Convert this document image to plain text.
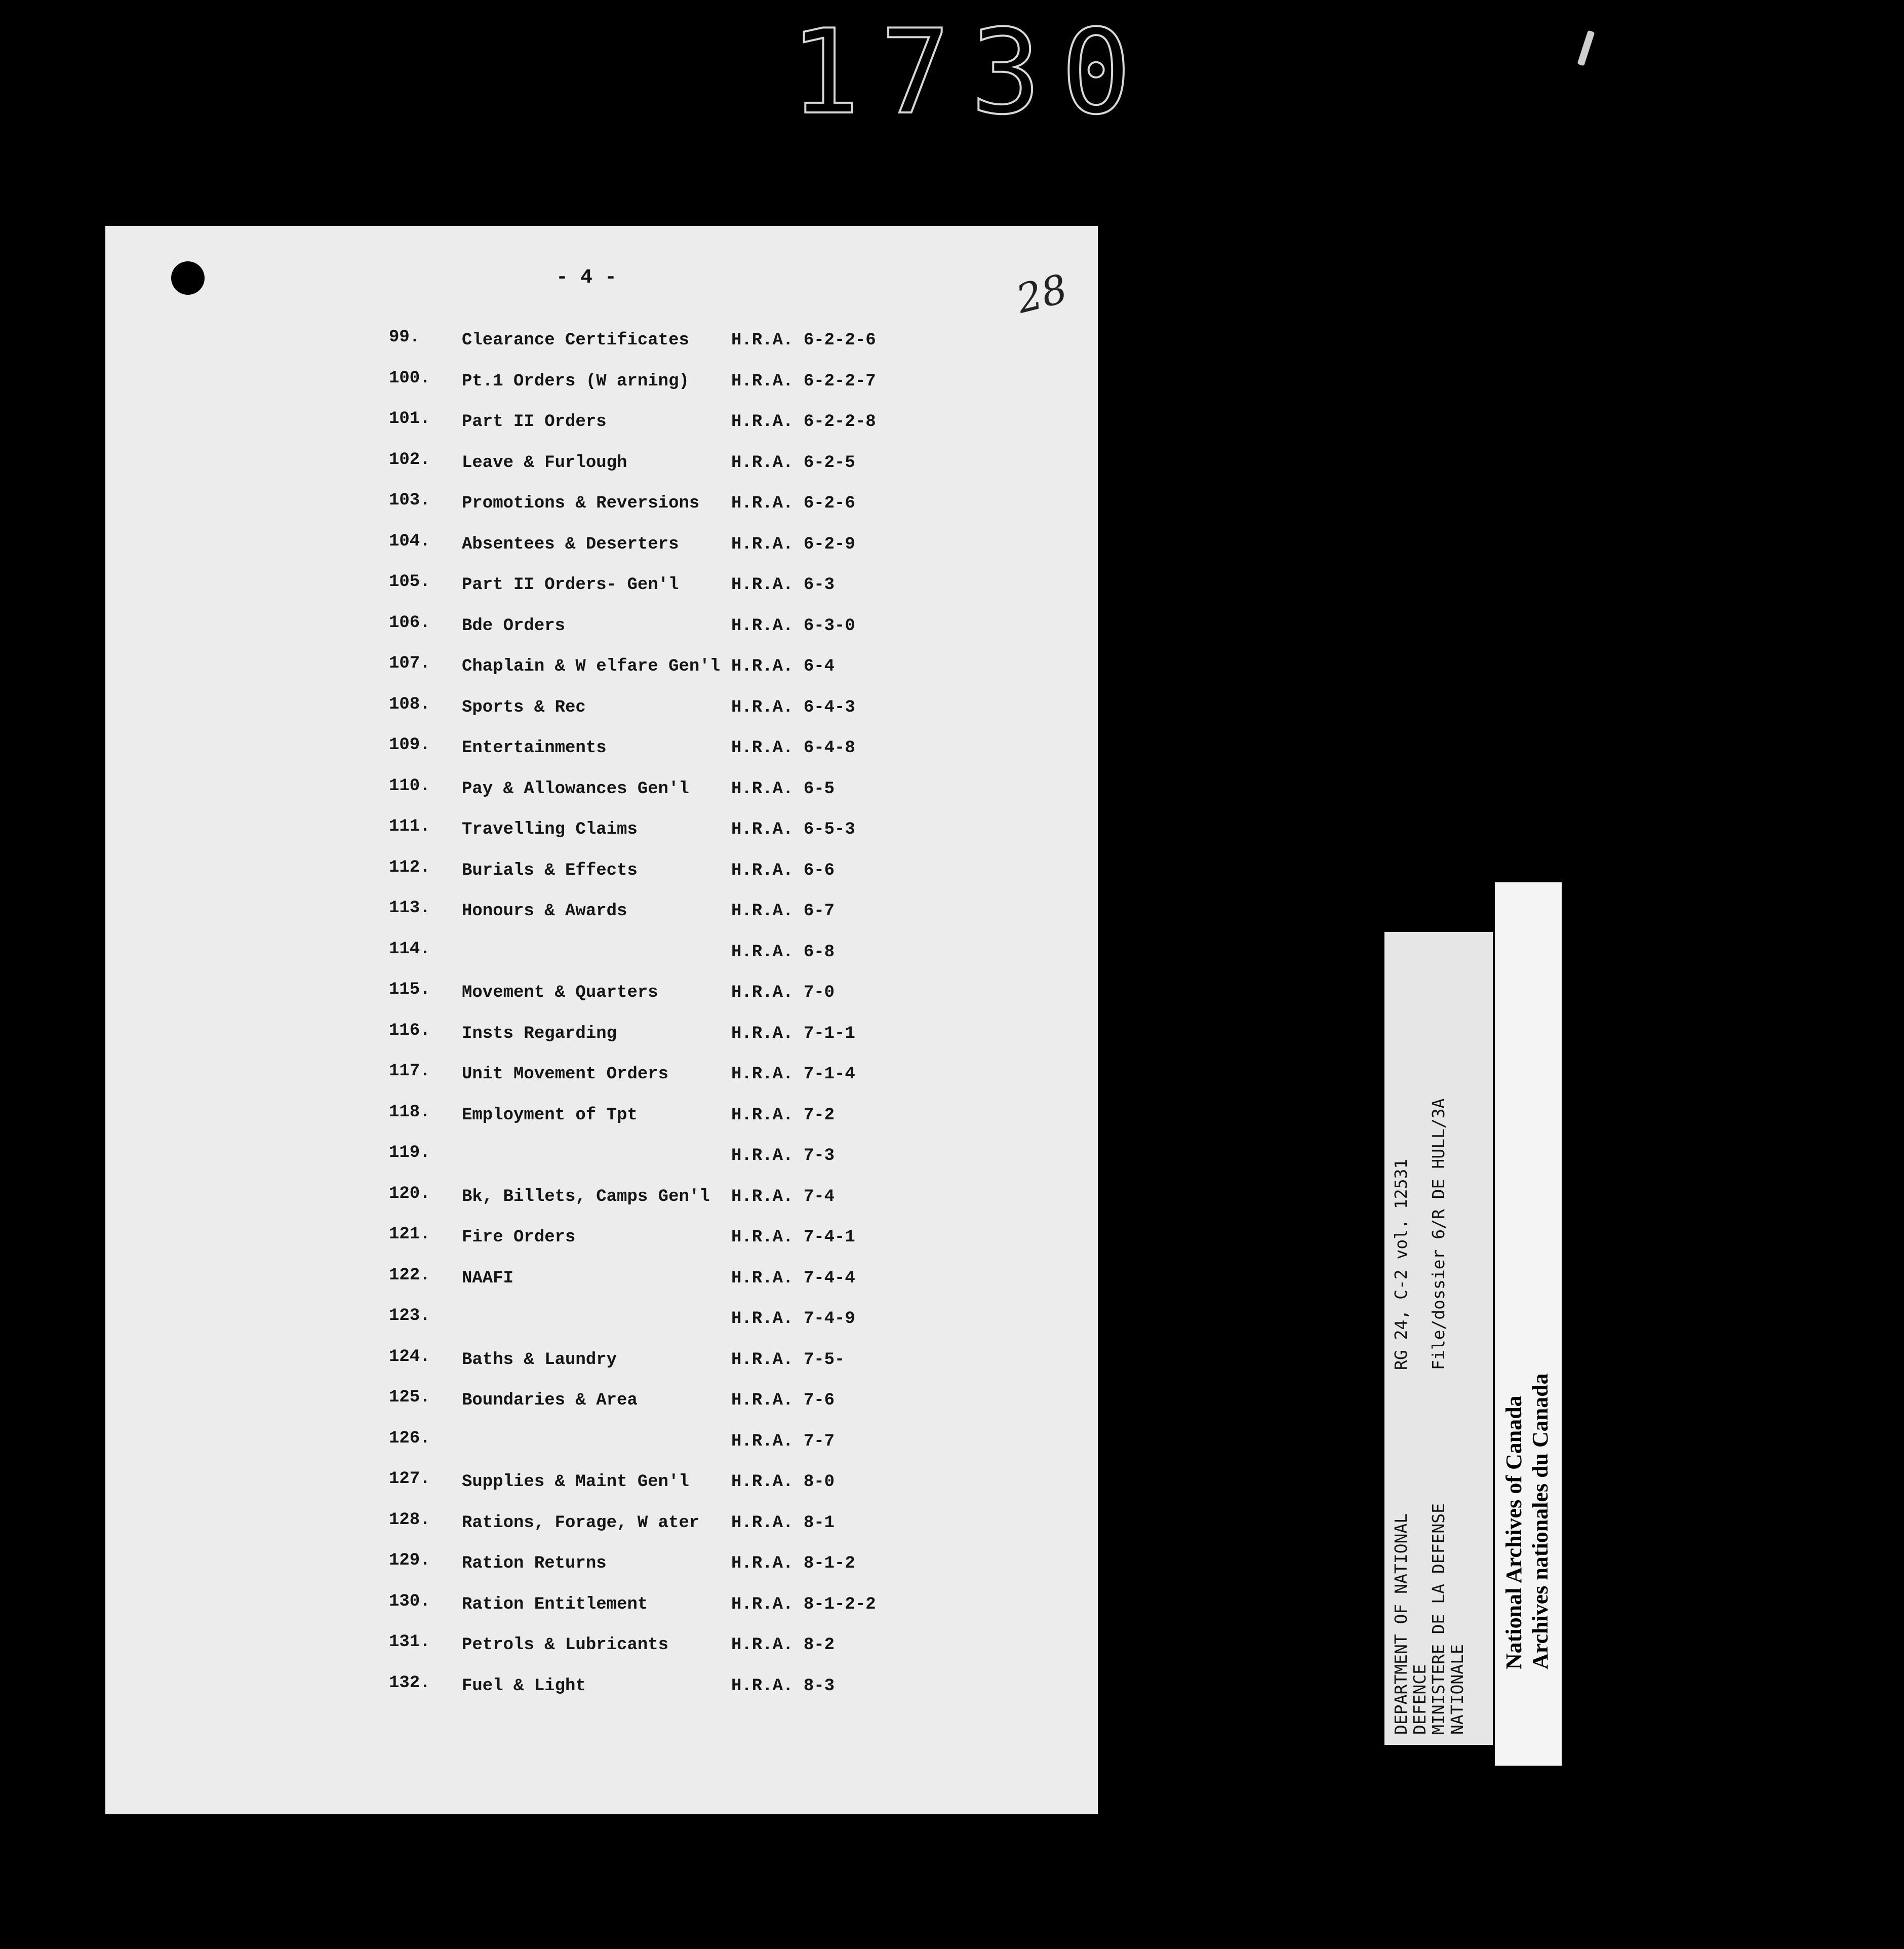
1730
- 4 -	28
99. Clearance Certificates H.R.A. 6-2-2-6
100. Pt.1 Orders (W arning) H.R.A. 6-2-2-7
101. Part II Orders	H.R.A. 6-2-2-8
102. Leave & Furlough	H.R.A. 6-2-5
103. Promotions & Reversions H.R.A. 6-2-6
104. Absentees & Deserters	H.R.A. 6-2-9
105. Part II Orders- Gen'l	H.R.A. 6-3
106. Bde Orders	H.R.A. 6-3-0
107. Chaplain & W elfare Gen'l H.R.A. 6-4
108. Sports & Rec	H.R.A. 6-4-3
109. Entertainments	H.R.A. 6-4-8
110. Pay & Allowances Gen'l H.R.A. 6-5
111. Travelling Claims	H.R.A. 6-5-3
112. Burials & Effects	H.R.A. 6-6
113. Honours & Awards	H.R.A. 6-7
114.	H.R.A. 6-8
115. Movement & Quarters	H.R.A. 7-0
116. Insts Regarding	H.R.A. 7-1-1
117. Unit Movement Orders	H.R.A. 7-1-4
118. Employment of Tpt	H.R.A. 7-2
119.	H.R.A. 7-3
120. Bk, Billets, Camps Gen'l H.R.A. 7-4
121. Fire Orders	H.R.A. 7-4-1
122. NAAFI	H.R.A. 7-4-4
123.	H.R.A. 7-4-9
124. Baths & Laundry	H.R.A. 7-5-
125. Boundaries & Area	H.R.A. 7-6
126.	H.R.A. 7-7
127. Supplies & Maint Gen'l H.R.A. 8-0
128. Rations, Forage, W ater H.R.A. 8-1
129. Ration Returns	H.R.A. 8-1-2
130. Ration Entitlement	H.R.A. 8-1-2-2
131. Petrols & Lubricants	H.R.A. 8-2
132. Fuel & Light	H.R.A. 8-3	DEPARTMENT OF NATIONAL
DEFENCE
MINISTERE DE LA DEFENSE
NATIONALE
RG 24, C-2 vol. 12531
File/dossier 6/R DE HULL/3A
National Archives of Canada Archives nationales du Canada
